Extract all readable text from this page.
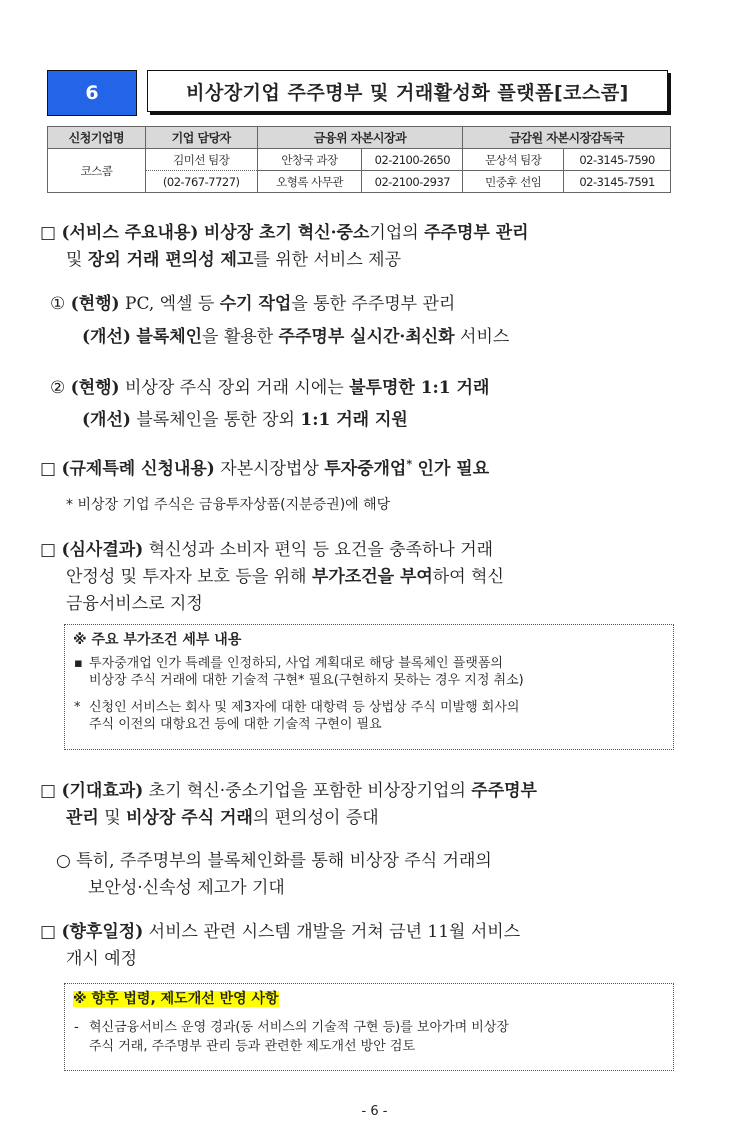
6	비상장기업 주주명부 및 거래활성화 플랫폼[코스콤]
신청기업명	기업 담당자	금융위 자본시장과		금감원 자본시장감독국	
코스콤	김미선 팀장	안창국 과장	02-2100-2650	문상석 팀장	02-3145-7590
	(02-767-7727)	오형록 사무관	02-2100-2937	민중후 선임	02-3145-7591
□ (서비스 주요내용) 비상장 초기 혁신·중소기업의 주주명부 관리
및 장외 거래 편의성 제고를 위한 서비스 제공
① (현행) PC, 엑셀 등 수기 작업을 통한 주주명부 관리
(개선) 블록체인을 활용한 주주명부 실시간·최신화 서비스
② (현행) 비상장 주식 장외 거래 시에는 불투명한 1:1 거래
(개선) 블록체인을 통한 장외 1:1 거래 지원
□ (규제특례 신청내용) 자본시장법상 투자중개업* 인가 필요
* 비상장 기업 주식은 금융투자상품(지분증권)에 해당
□ (심사결과) 혁신성과 소비자 편익 등 요건을 충족하나 거래
안정성 및 투자자 보호 등을 위해 부가조건을 부여하여 혁신
금융서비스로 지정
※ 주요 부가조건 세부 내용
▪ 투자중개업 인가 특례를 인정하되, 사업 계획대로 해당 블록체인 플랫폼의
비상장 주식 거래에 대한 기술적 구현* 필요(구현하지 못하는 경우 지정 취소)
* 신청인 서비스는 회사 및 제3자에 대한 대항력 등 상법상 주식 미발행 회사의
주식 이전의 대항요건 등에 대한 기술적 구현이 필요
□ (기대효과) 초기 혁신·중소기업을 포함한 비상장기업의 주주명부
관리 및 비상장 주식 거래의 편의성이 증대
○ 특히, 주주명부의 블록체인화를 통해 비상장 주식 거래의
보안성·신속성 제고가 기대
□ (향후일정) 서비스 관련 시스템 개발을 거쳐 금년 11월 서비스
개시 예정
※ 향후 법령, 제도개선 반영 사항
- 혁신금융서비스 운영 경과(동 서비스의 기술적 구현 등)를 보아가며 비상장
주식 거래, 주주명부 관리 등과 관련한 제도개선 방안 검토
- 6 -
